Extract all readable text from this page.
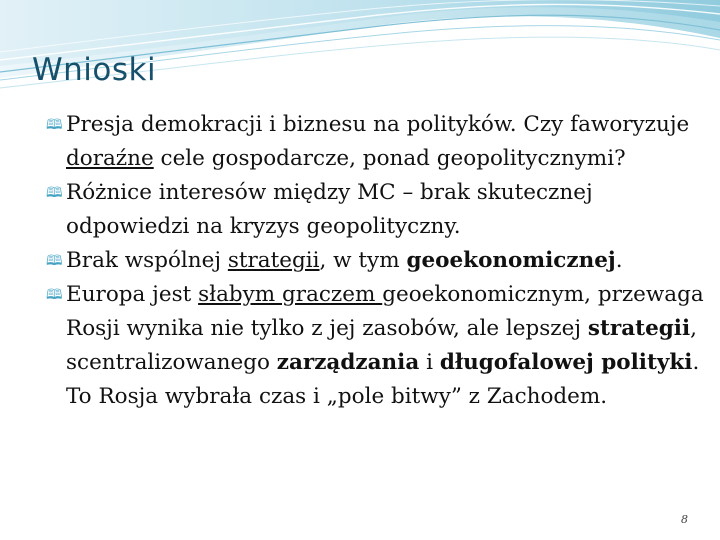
Wnioski

🕮 Presja demokracji i biznesu na polityków. Czy faworyzuje doraźne cele gospodarcze, ponad geopolitycznymi?

🕮 Różnice interesów między MC – brak skutecznej odpowiedzi na kryzys geopolityczny.

🕮 Brak wspólnej strategii, w tym geoekonomicznej.

🕮 Europa jest słabym graczem geoekonomicznym, przewaga Rosji wynika nie tylko z jej zasobów, ale lepszej strategii, scentralizowanego zarządzania i długofalowej polityki. To Rosja wybrała czas i „pole bitwy” z Zachodem.

8
